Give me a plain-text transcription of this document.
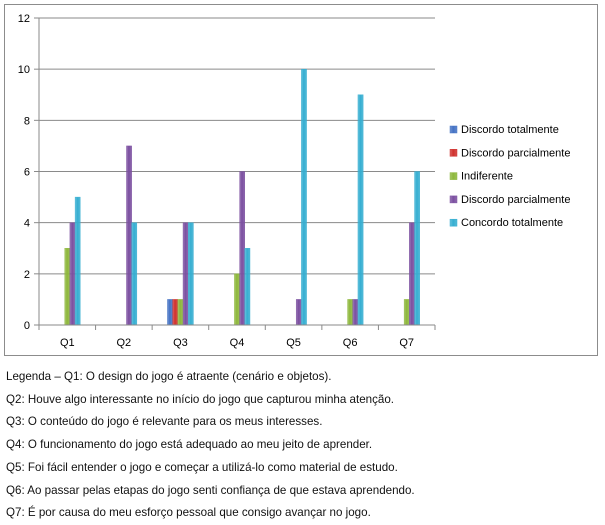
0
2
4
6
8
10
12
Q1	Q2	Q3	Q4	Q5	Q6	Q7
Discordo totalmente
Discordo parcialmente
Indiferente
Discordo parcialmente
Concordo totalmente
Legenda – Q1: O design do jogo é atraente (cenário e objetos).
Q2: Houve algo interessante no início do jogo que capturou minha atenção.
Q3: O conteúdo do jogo é relevante para os meus interesses.
Q4: O funcionamento do jogo está adequado ao meu jeito de aprender.
Q5: Foi fácil entender o jogo e começar a utilizá-lo como material de estudo.
Q6: Ao passar pelas etapas do jogo senti confiança de que estava aprendendo.
Q7: É por causa do meu esforço pessoal que consigo avançar no jogo.
